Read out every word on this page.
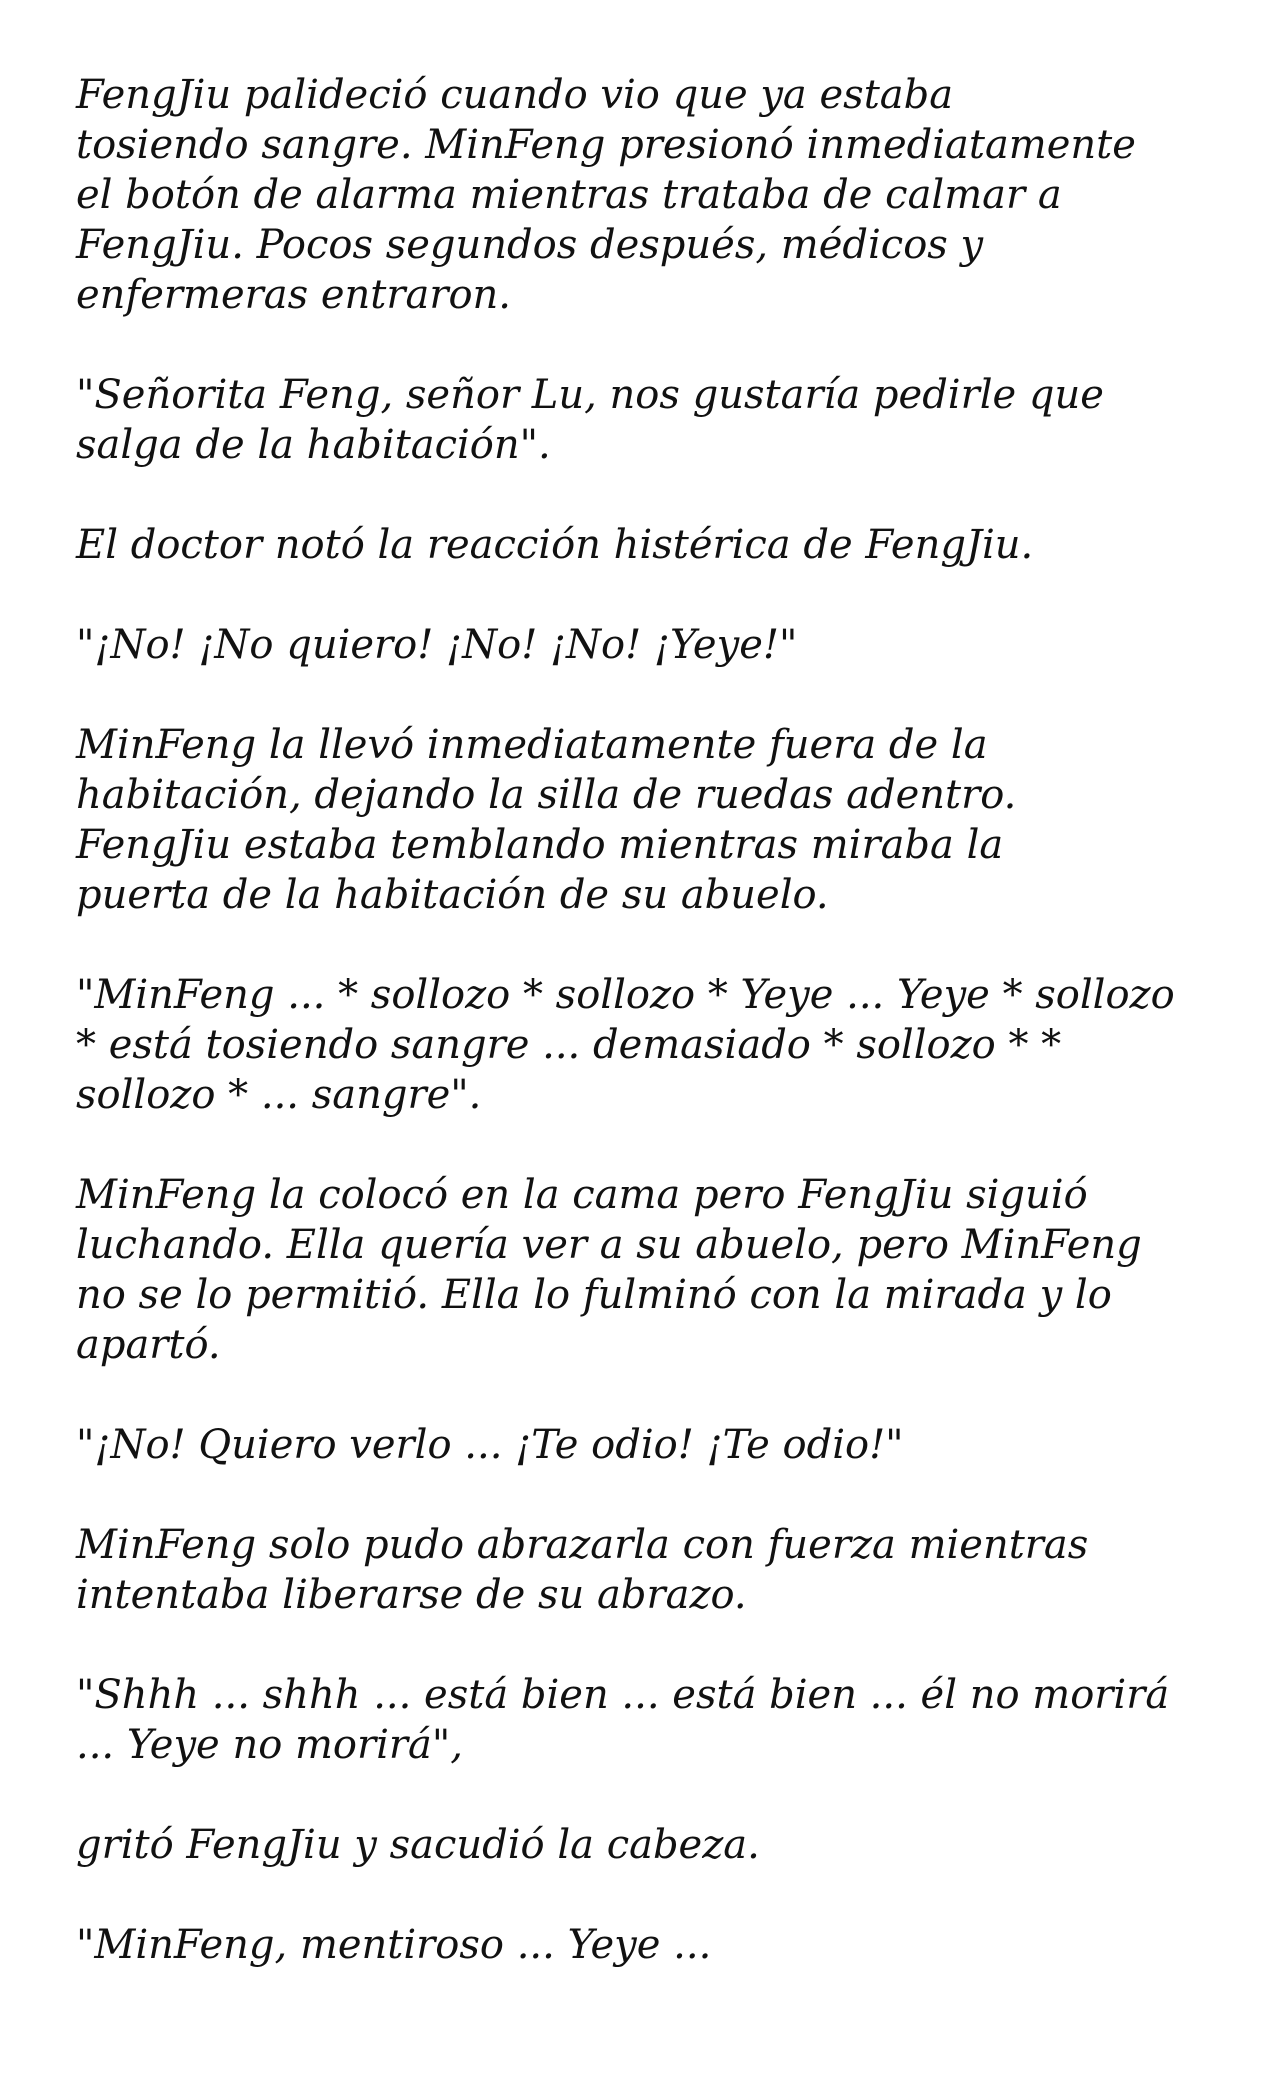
FengJiu palideció cuando vio que ya estaba
tosiendo sangre. MinFeng presionó inmediatamente
el botón de alarma mientras trataba de calmar a
FengJiu. Pocos segundos después, médicos y
enfermeras entraron.

"Señorita Feng, señor Lu, nos gustaría pedirle que
salga de la habitación".

El doctor notó la reacción histérica de FengJiu.

"¡No! ¡No quiero! ¡No! ¡No! ¡Yeye!"

MinFeng la llevó inmediatamente fuera de la
habitación, dejando la silla de ruedas adentro.
FengJiu estaba temblando mientras miraba la
puerta de la habitación de su abuelo.

"MinFeng ... * sollozo * sollozo * Yeye ... Yeye * sollozo
* está tosiendo sangre ... demasiado * sollozo * *
sollozo * ... sangre".

MinFeng la colocó en la cama pero FengJiu siguió
luchando. Ella quería ver a su abuelo, pero MinFeng
no se lo permitió. Ella lo fulminó con la mirada y lo
apartó.

"¡No! Quiero verlo ... ¡Te odio! ¡Te odio!"

MinFeng solo pudo abrazarla con fuerza mientras
intentaba liberarse de su abrazo.

"Shhh ... shhh ... está bien ... está bien ... él no morirá
... Yeye no morirá",

gritó FengJiu y sacudió la cabeza.

"MinFeng, mentiroso ... Yeye ...
